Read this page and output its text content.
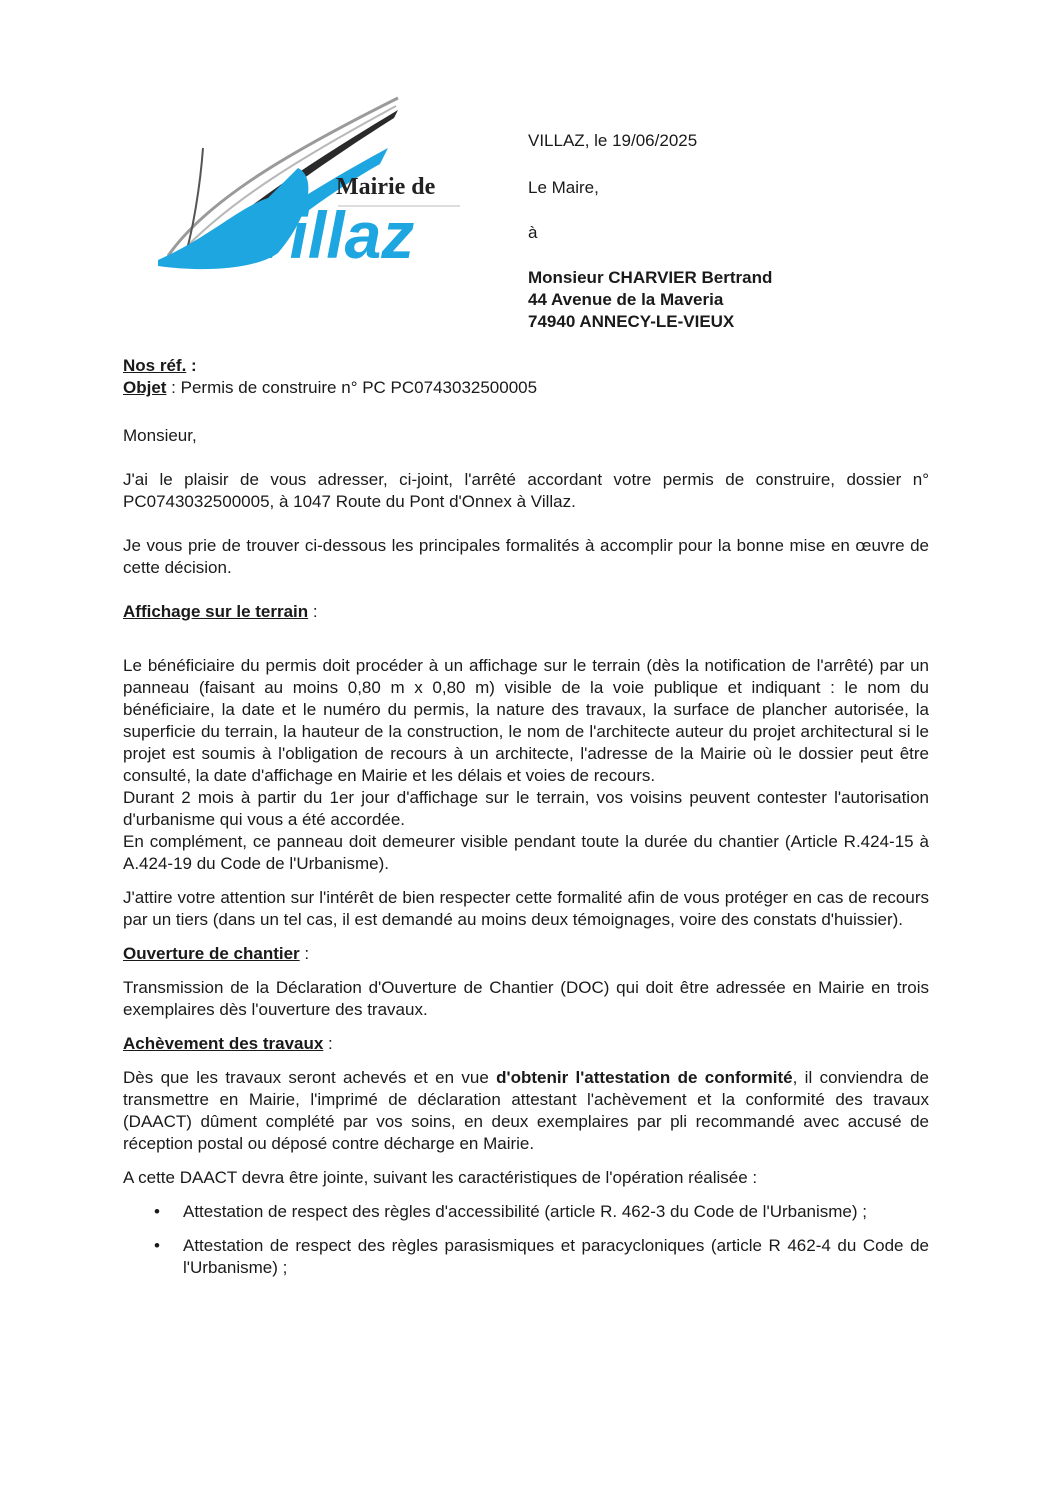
Villaz
Mairie de

VILLAZ, le 19/06/2025

Le Maire,

à

Monsieur CHARVIER Bertrand
44 Avenue de la Maveria
74940 ANNECY-LE-VIEUX
Nos réf. :
Objet : Permis de construire n° PC PC0743032500005

Monsieur,

J'ai le plaisir de vous adresser, ci-joint, l'arrêté accordant votre permis de construire, dossier n° PC0743032500005, à 1047 Route du Pont d'Onnex à Villaz.

Je vous prie de trouver ci-dessous les principales formalités à accomplir pour la bonne mise en œuvre de cette décision.

Affichage sur le terrain :

Le bénéficiaire du permis doit procéder à un affichage sur le terrain (dès la notification de l'arrêté) par un panneau (faisant au moins 0,80 m x 0,80 m) visible de la voie publique et indiquant : le nom du bénéficiaire, la date et le numéro du permis, la nature des travaux, la surface de plancher autorisée, la superficie du terrain, la hauteur de la construction, le nom de l'architecte auteur du projet architectural si le projet est soumis à l'obligation de recours à un architecte, l'adresse de la Mairie où le dossier peut être consulté, la date d'affichage en Mairie et les délais et voies de recours.

Durant 2 mois à partir du 1er jour d'affichage sur le terrain, vos voisins peuvent contester l'autorisation d'urbanisme qui vous a été accordée.

En complément, ce panneau doit demeurer visible pendant toute la durée du chantier (Article R.424-15 à A.424-19 du Code de l'Urbanisme).

J'attire votre attention sur l'intérêt de bien respecter cette formalité afin de vous protéger en cas de recours par un tiers (dans un tel cas, il est demandé au moins deux témoignages, voire des constats d'huissier).

Ouverture de chantier :

Transmission de la Déclaration d'Ouverture de Chantier (DOC) qui doit être adressée en Mairie en trois exemplaires dès l'ouverture des travaux.

Achèvement des travaux :

Dès que les travaux seront achevés et en vue d'obtenir l'attestation de conformité, il conviendra de transmettre en Mairie, l'imprimé de déclaration attestant l'achèvement et la conformité des travaux (DAACT) dûment complété par vos soins, en deux exemplaires par pli recommandé avec accusé de réception postal ou déposé contre décharge en Mairie.

A cette DAACT devra être jointe, suivant les caractéristiques de l'opération réalisée :

• Attestation de respect des règles d'accessibilité (article R. 462-3 du Code de l'Urbanisme) ;
• Attestation de respect des règles parasismiques et paracycloniques (article R 462-4 du Code de l'Urbanisme) ;
